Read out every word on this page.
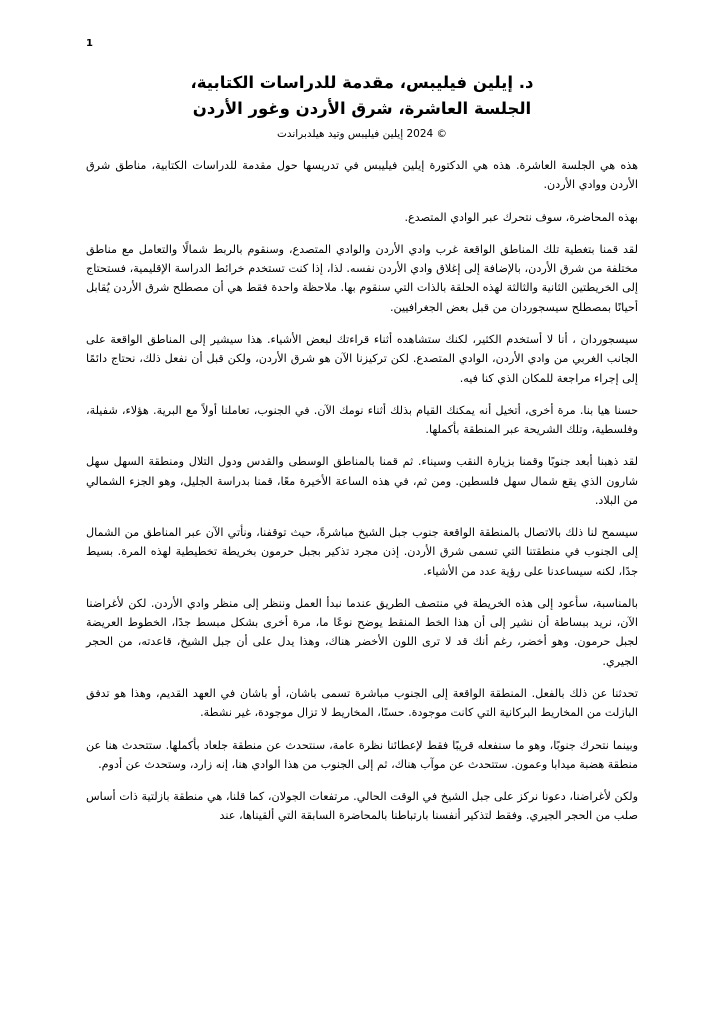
1
د. إيلين فيليبس، مقدمة للدراسات الكتابية،
الجلسة العاشرة، شرق الأردن وغور الأردن
© 2024 إيلين فيليبس وتيد هيلدبراندت

هذه هي الجلسة العاشرة. هذه هي الدكتورة إيلين فيليبس في تدريسها حول مقدمة للدراسات الكتابية، مناطق شرق الأردن ووادي الأردن.

بهذه المحاضرة، سوف نتحرك عبر الوادي المتصدع.

لقد قمنا بتغطية تلك المناطق الواقعة غرب وادي الأردن والوادي المتصدع، وسنقوم بالربط شمالًا والتعامل مع مناطق مختلفة من شرق الأردن، بالإضافة إلى إغلاق وادي الأردن نفسه. لذا، إذا كنت تستخدم خرائط الدراسة الإقليمية، فستحتاج إلى الخريطتين الثانية والثالثة لهذه الحلقة بالذات التي سنقوم بها. ملاحظة واحدة فقط هي أن مصطلح شرق الأردن يُقابل أحيانًا بمصطلح سيسجوردان من قبل بعض الجغرافيين.

سيسجوردان ، أنا لا أستخدم الكثير، لكنك ستشاهده أثناء قراءتك لبعض الأشياء. هذا سيشير إلى المناطق الواقعة على الجانب الغربي من وادي الأردن، الوادي المتصدع. لكن تركيزنا الآن هو شرق الأردن، ولكن قبل أن نفعل ذلك، نحتاج دائمًا إلى إجراء مراجعة للمكان الذي كنا فيه.

حسنا هيا بنا. مرة أخرى، أتخيل أنه يمكنك القيام بذلك أثناء نومك الآن. في الجنوب، تعاملنا أولاً مع البرية. هؤلاء، شفيلة، وفلسطية، وتلك الشريحة عبر المنطقة بأكملها.

لقد ذهبنا أبعد جنوبًا وقمنا بزيارة النقب وسيناء. ثم قمنا بالمناطق الوسطى والقدس ودول التلال ومنطقة السهل سهل شارون الذي يقع شمال سهل فلسطين. ومن ثم، في هذه الساعة الأخيرة معًا، قمنا بدراسة الجليل، وهو الجزء الشمالي من البلاد.

سيسمح لنا ذلك بالاتصال بالمنطقة الواقعة جنوب جبل الشيخ مباشرةً، حيث توقفنا، ونأتي الآن عبر المناطق من الشمال إلى الجنوب في منطقتنا التي تسمى شرق الأردن. إذن مجرد تذكير بجبل حرمون بخريطة تخطيطية لهذه المرة. بسيط جدًا، لكنه سيساعدنا على رؤية عدد من الأشياء.

بالمناسبة، سأعود إلى هذه الخريطة في منتصف الطريق عندما نبدأ العمل وننظر إلى منظر وادي الأردن. لكن لأغراضنا الآن، نريد ببساطة أن نشير إلى أن هذا الخط المنقط يوضح نوعًا ما، مرة أخرى بشكل مبسط جدًا، الخطوط العريضة لجبل حرمون. وهو أخضر، رغم أنك قد لا ترى اللون الأخضر هناك، وهذا يدل على أن جبل الشيخ، قاعدته، من الحجر الجيري.

تحدثنا عن ذلك بالفعل. المنطقة الواقعة إلى الجنوب مباشرة تسمى باشان، أو باشان في العهد القديم، وهذا هو تدفق البازلت من المخاريط البركانية التي كانت موجودة. حسنًا، المخاريط لا تزال موجودة، غير نشطة.

وبينما نتحرك جنوبًا، وهو ما سنفعله قريبًا فقط لإعطائنا نظرة عامة، سنتحدث عن منطقة جلعاد بأكملها. ستتحدث هنا عن منطقة هضبة ميدابا وعمون. ستتحدث عن موآب هناك، ثم إلى الجنوب من هذا الوادي هنا، إنه زارد، وستحدث عن أدوم.

ولكن لأغراضنا، دعونا نركز على جبل الشيخ في الوقت الحالي. مرتفعات الجولان، كما قلنا، هي منطقة بازلتية ذات أساس صلب من الحجر الجيري. وفقط لتذكير أنفسنا بارتباطنا بالمحاضرة السابقة التي ألقيناها، عند
